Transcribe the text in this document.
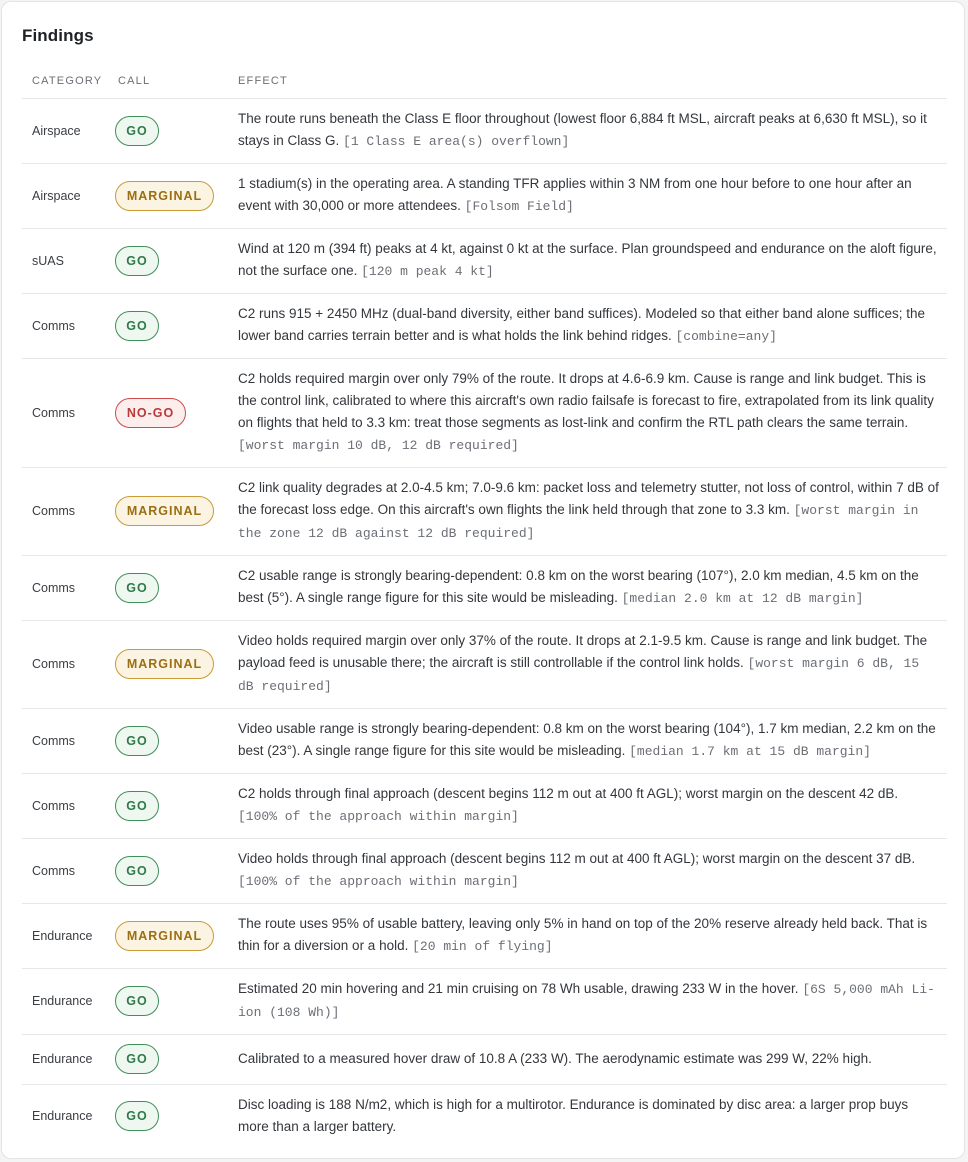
Findings
CATEGORY	CALL	EFFECT
Airspace	GO	The route runs beneath the Class E floor throughout (lowest floor 6,884 ft MSL, aircraft peaks at 6,630 ft MSL), so it stays in Class G. [1 Class E area(s) overflown]
Airspace	MARGINAL	1 stadium(s) in the operating area. A standing TFR applies within 3 NM from one hour before to one hour after an event with 30,000 or more attendees. [Folsom Field]
sUAS	GO	Wind at 120 m (394 ft) peaks at 4 kt, against 0 kt at the surface. Plan groundspeed and endurance on the aloft figure, not the surface one. [120 m peak 4 kt]
Comms	GO	C2 runs 915 + 2450 MHz (dual-band diversity, either band suffices). Modeled so that either band alone suffices; the lower band carries terrain better and is what holds the link behind ridges. [combine=any]
Comms	NO-GO	C2 holds required margin over only 79% of the route. It drops at 4.6-6.9 km. Cause is range and link budget. This is the control link, calibrated to where this aircraft's own radio failsafe is forecast to fire, extrapolated from its link quality on flights that held to 3.3 km: treat those segments as lost-link and confirm the RTL path clears the same terrain. [worst margin 10 dB, 12 dB required]
Comms	MARGINAL	C2 link quality degrades at 2.0-4.5 km; 7.0-9.6 km: packet loss and telemetry stutter, not loss of control, within 7 dB of the forecast loss edge. On this aircraft's own flights the link held through that zone to 3.3 km. [worst margin in the zone 12 dB against 12 dB required]
Comms	GO	C2 usable range is strongly bearing-dependent: 0.8 km on the worst bearing (107°), 2.0 km median, 4.5 km on the best (5°). A single range figure for this site would be misleading. [median 2.0 km at 12 dB margin]
Comms	MARGINAL	Video holds required margin over only 37% of the route. It drops at 2.1-9.5 km. Cause is range and link budget. The payload feed is unusable there; the aircraft is still controllable if the control link holds. [worst margin 6 dB, 15 dB required]
Comms	GO	Video usable range is strongly bearing-dependent: 0.8 km on the worst bearing (104°), 1.7 km median, 2.2 km on the best (23°). A single range figure for this site would be misleading. [median 1.7 km at 15 dB margin]
Comms	GO	C2 holds through final approach (descent begins 112 m out at 400 ft AGL); worst margin on the descent 42 dB. [100% of the approach within margin]
Comms	GO	Video holds through final approach (descent begins 112 m out at 400 ft AGL); worst margin on the descent 37 dB. [100% of the approach within margin]
Endurance	MARGINAL	The route uses 95% of usable battery, leaving only 5% in hand on top of the 20% reserve already held back. That is thin for a diversion or a hold. [20 min of flying]
Endurance	GO	Estimated 20 min hovering and 21 min cruising on 78 Wh usable, drawing 233 W in the hover. [6S 5,000 mAh Li-ion (108 Wh)]
Endurance	GO	Calibrated to a measured hover draw of 10.8 A (233 W). The aerodynamic estimate was 299 W, 22% high.
Endurance	GO	Disc loading is 188 N/m2, which is high for a multirotor. Endurance is dominated by disc area: a larger prop buys more than a larger battery.
